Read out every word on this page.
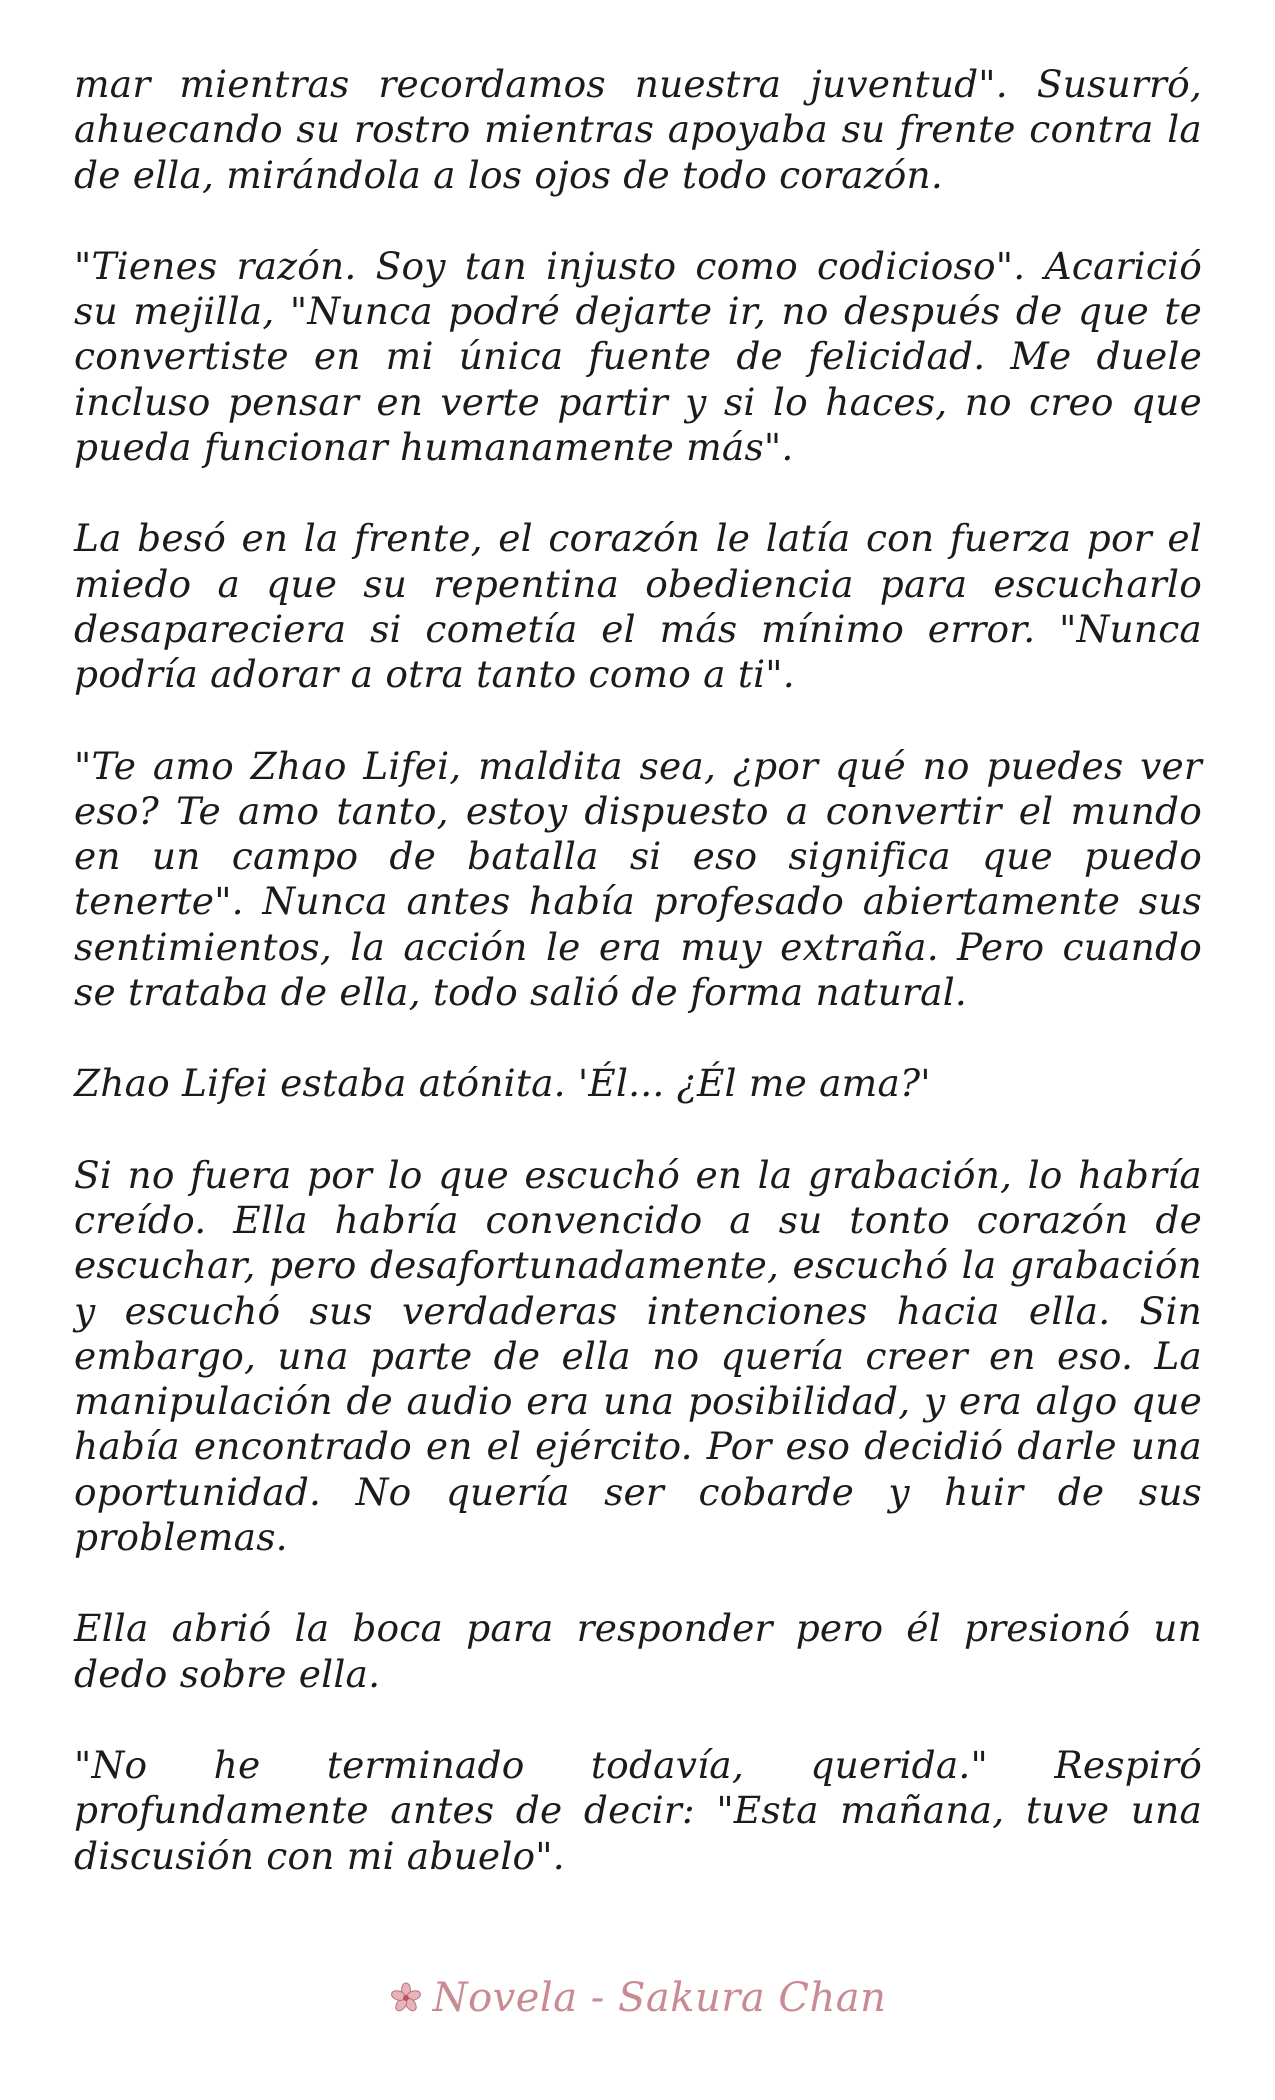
mar mientras recordamos nuestra juventud". Susurró, ahuecando su rostro mientras apoyaba su frente contra la de ella, mirándola a los ojos de todo corazón.

"Tienes razón. Soy tan injusto como codicioso". Acarició su mejilla, "Nunca podré dejarte ir, no después de que te convertiste en mi única fuente de felicidad. Me duele incluso pensar en verte partir y si lo haces, no creo que pueda funcionar humanamente más".

La besó en la frente, el corazón le latía con fuerza por el miedo a que su repentina obediencia para escucharlo desapareciera si cometía el más mínimo error. "Nunca podría adorar a otra tanto como a ti".

"Te amo Zhao Lifei, maldita sea, ¿por qué no puedes ver eso? Te amo tanto, estoy dispuesto a convertir el mundo en un campo de batalla si eso significa que puedo tenerte". Nunca antes había profesado abiertamente sus sentimientos, la acción le era muy extraña. Pero cuando se trataba de ella, todo salió de forma natural.

Zhao Lifei estaba atónita. 'Él... ¿Él me ama?'

Si no fuera por lo que escuchó en la grabación, lo habría creído. Ella habría convencido a su tonto corazón de escuchar, pero desafortunadamente, escuchó la grabación y escuchó sus verdaderas intenciones hacia ella. Sin embargo, una parte de ella no quería creer en eso. La manipulación de audio era una posibilidad, y era algo que había encontrado en el ejército. Por eso decidió darle una oportunidad. No quería ser cobarde y huir de sus problemas.

Ella abrió la boca para responder pero él presionó un dedo sobre ella.

"No he terminado todavía, querida." Respiró profundamente antes de decir: "Esta mañana, tuve una discusión con mi abuelo".

Novela - Sakura Chan
